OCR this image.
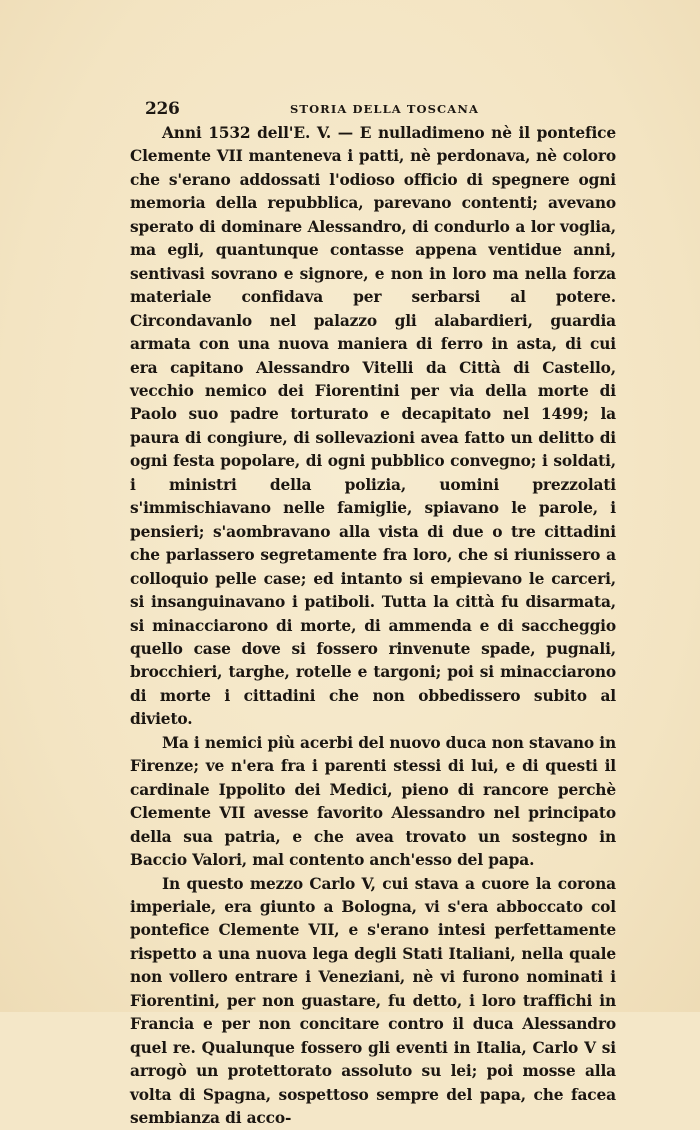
226	STORIA DELLA TOSCANA

Anni 1532 dell'E. V. — E nulladimeno nè il pontefice Clemente VII manteneva i patti, nè perdonava, nè coloro che s'erano addossati l'odioso officio di spegnere ogni memoria della repubblica, parevano contenti; avevano sperato di dominare Alessandro, di condurlo a lor voglia, ma egli, quantunque contasse appena ventidue anni, sentivasi sovrano e signore, e non in loro ma nella forza materiale confidava per serbarsi al potere. Circondavanlo nel palazzo gli alabardieri, guardia armata con una nuova maniera di ferro in asta, di cui era capitano Alessandro Vitelli da Città di Castello, vecchio nemico dei Fiorentini per via della morte di Paolo suo padre torturato e decapitato nel 1499; la paura di congiure, di sollevazioni avea fatto un delitto di ogni festa popolare, di ogni pubblico convegno; i soldati, i ministri della polizia, uomini prezzolati s'immischiavano nelle famiglie, spiavano le parole, i pensieri; s'aombravano alla vista di due o tre cittadini che parlassero segretamente fra loro, che si riunissero a colloquio pelle case; ed intanto si empievano le carceri, si insanguinavano i patiboli. Tutta la città fu disarmata, si minacciarono di morte, di ammenda e di saccheggio quello case dove si fossero rinvenute spade, pugnali, brocchieri, targhe, rotelle e targoni; poi si minacciarono di morte i cittadini che non obbedissero subito al divieto.

Ma i nemici più acerbi del nuovo duca non stavano in Firenze; ve n'era fra i parenti stessi di lui, e di questi il cardinale Ippolito dei Medici, pieno di rancore perchè Clemente VII avesse favorito Alessandro nel principato della sua patria, e che avea trovato un sostegno in Baccio Valori, mal contento anch'esso del papa.

In questo mezzo Carlo V, cui stava a cuore la corona imperiale, era giunto a Bologna, vi s'era abboccato col pontefice Clemente VII, e s'erano intesi perfettamente rispetto a una nuova lega degli Stati Italiani, nella quale non vollero entrare i Veneziani, nè vi furono nominati i Fiorentini, per non guastare, fu detto, i loro traffichi in Francia e per non concitare contro il duca Alessandro quel re. Qualunque fossero gli eventi in Italia, Carlo V si arrogò un protettorato assoluto su lei; poi mosse alla volta di Spagna, sospettoso sempre del papa, che facea sembianza di acco-
